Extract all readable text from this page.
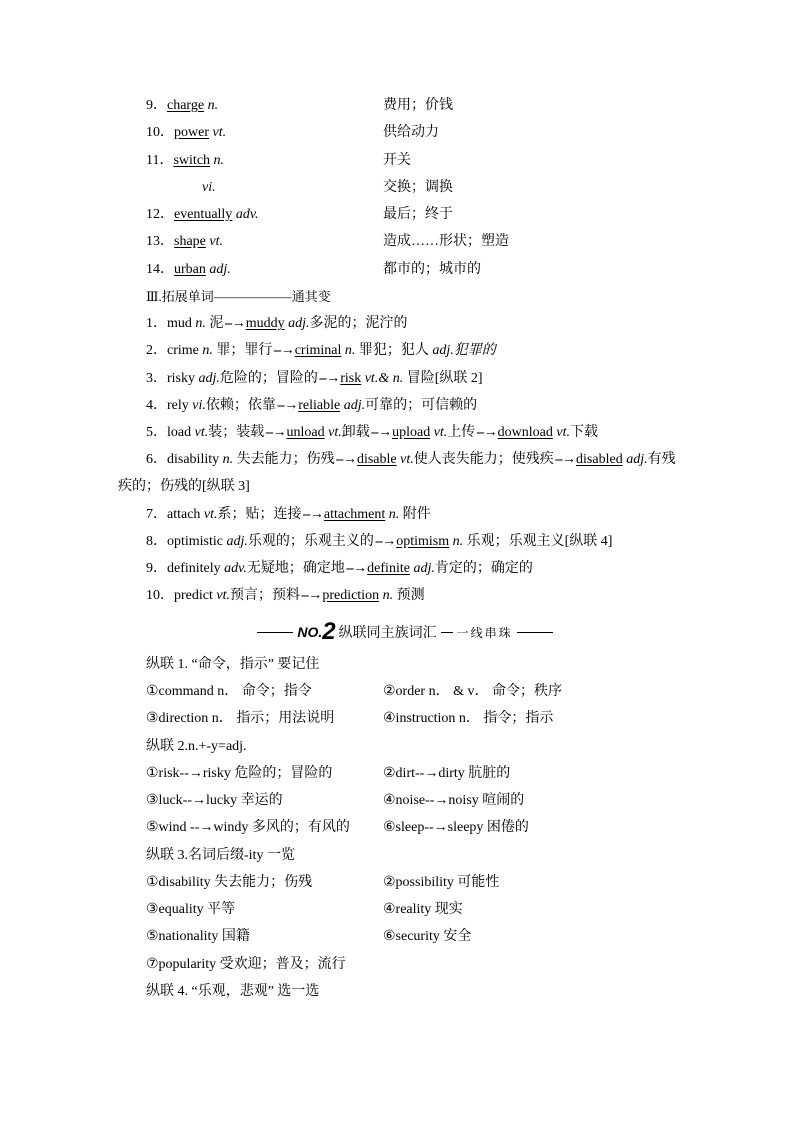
9．charge n.	费用；价钱
10．power vt.	供给动力
11．switch n.	开关
vi.	交换；调换
12．eventually adv.	最后；终于
13．shape vt.	造成……形状；塑造
14．urban adj.	都市的；城市的
Ⅲ.拓展单词——————通其变
1．mud n. 泥--→muddy adj.多泥的；泥泞的
2．crime n. 罪；罪行--→criminal n. 罪犯；犯人 adj.犯罪的
3．risky adj.危险的；冒险的--→risk vt.& n. 冒险[纵联 2]
4．rely vi.依赖；依靠--→reliable adj.可靠的；可信赖的
5．load vt.装；装载--→unload vt.卸载--→upload vt.上传--→download vt.下载
6．disability n. 失去能力；伤残--→disable vt.使人丧失能力；使残疾--→disabled adj.有残
疾的；伤残的[纵联 3]
7．attach vt.系；贴；连接--→attachment n. 附件
8．optimistic adj.乐观的；乐观主义的--→optimism n. 乐观；乐观主义[纵联 4]
9．definitely adv.无疑地；确定地--→definite adj.肯定的；确定的
10．predict vt.预言；预料--→prediction n. 预测
NO. 2 纵联同主族词汇 一线串珠
纵联 1. “命令，指示” 要记住
①command n． 命令；指令	②order n． & v． 命令；秩序
③direction n． 指示；用法说明	④instruction n． 指令；指示
纵联 2.n.+-y=adj.
①risk--→risky 危险的；冒险的	②dirt--→dirty 肮脏的
③luck--→lucky 幸运的	④noise--→noisy 喧闹的
⑤wind --→windy 多风的；有风的 ⑥sleep--→sleepy 困倦的
纵联 3.名词后缀-ity 一览
①disability 失去能力；伤残	②possibility 可能性
③equality 平等	④reality 现实
⑤nationality 国籍	⑥security 安全
⑦popularity 受欢迎；普及；流行
纵联 4. “乐观，悲观” 选一选
